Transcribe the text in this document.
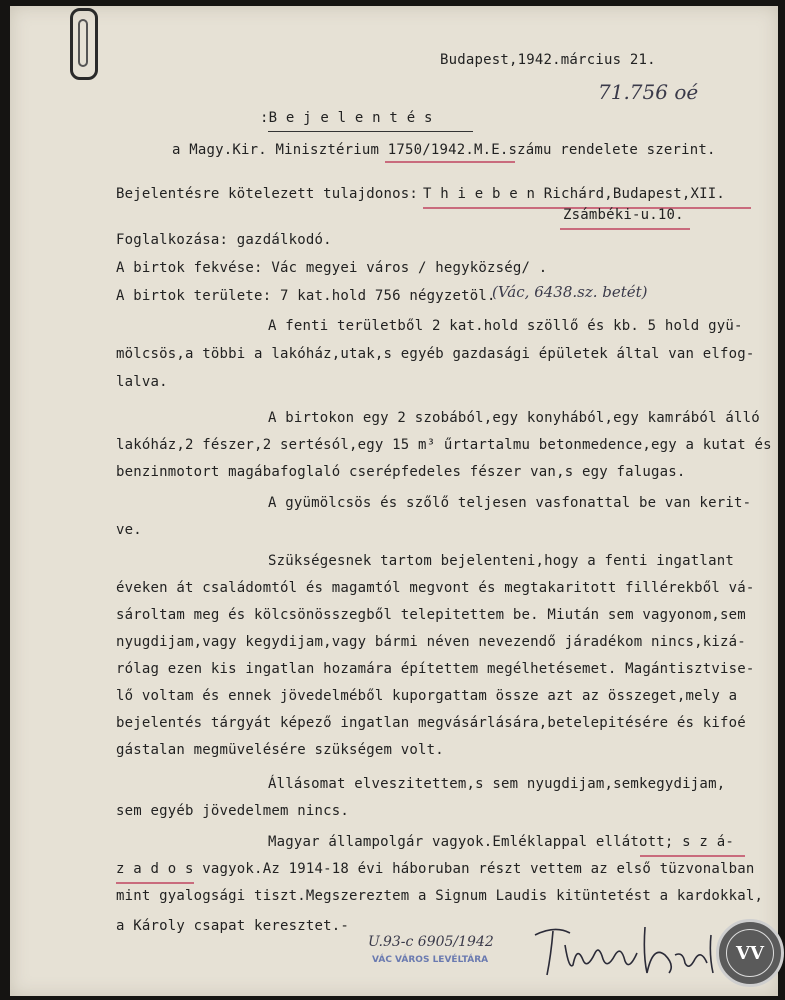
Budapest,1942.március 21.
71.756 oé
:B e j e l e n t é s
a Magy.Kir. Minisztérium 1750/1942.M.E.számu rendelete szerint.
Bejelentésre kötelezett tulajdonos: T h i e b e n Richárd,Budapest,XII.
Zsámbéki-u.10.
Foglalkozása: gazdálkodó.
A birtok fekvése: Vác megyei város / hegyközség/ .
A birtok területe: 7 kat.hold 756 négyzetöl.
(Vác, 6438.sz. betét)
A fenti területből 2 kat.hold szöllő és kb. 5 hold gyü-
mölcsös,a többi a lakóház,utak,s egyéb gazdasági épületek által van elfog-
lalva.
A birtokon egy 2 szobából,egy konyhából,egy kamrából álló
lakóház,2 fészer,2 sertésól,egy 15 m³ űrtartalmu betonmedence,egy a kutat és
benzinmotort magábafoglaló cserépfedeles fészer van,s egy falugas.
A gyümölcsös és szőlő teljesen vasfonattal be van kerit-
ve.
Szükségesnek tartom bejelenteni,hogy a fenti ingatlant
éveken át családomtól és magamtól megvont és megtakaritott fillérekből vá-
sároltam meg és kölcsönösszegből telepitettem be. Miután sem vagyonom,sem
nyugdijam,vagy kegydijam,vagy bármi néven nevezendő járadékom nincs,kizá-
rólag ezen kis ingatlan hozamára építettem megélhetésemet. Magántisztvise-
lő voltam és ennek jövedelméből kuporgattam össze azt az összeget,mely a
bejelentés tárgyát képező ingatlan megvásárlására,betelepitésére és kifoé
gástalan megmüvelésére szükségem volt.
Állásomat elveszitettem,s sem nyugdijam,semkegydijam,
sem egyéb jövedelmem nincs.
Magyar állampolgár vagyok.Emléklappal ellátott; s z á-
z a d o s vagyok.Az 1914-18 évi háboruban részt vettem az első tüzvonalban
mint gyalogsági tiszt.Megszereztem a Signum Laudis kitüntetést a kardokkal,
a Károly csapat keresztet.-
U.93-c 6905/1942
VÁC VÁROS LEVÉLTÁRA	VV
